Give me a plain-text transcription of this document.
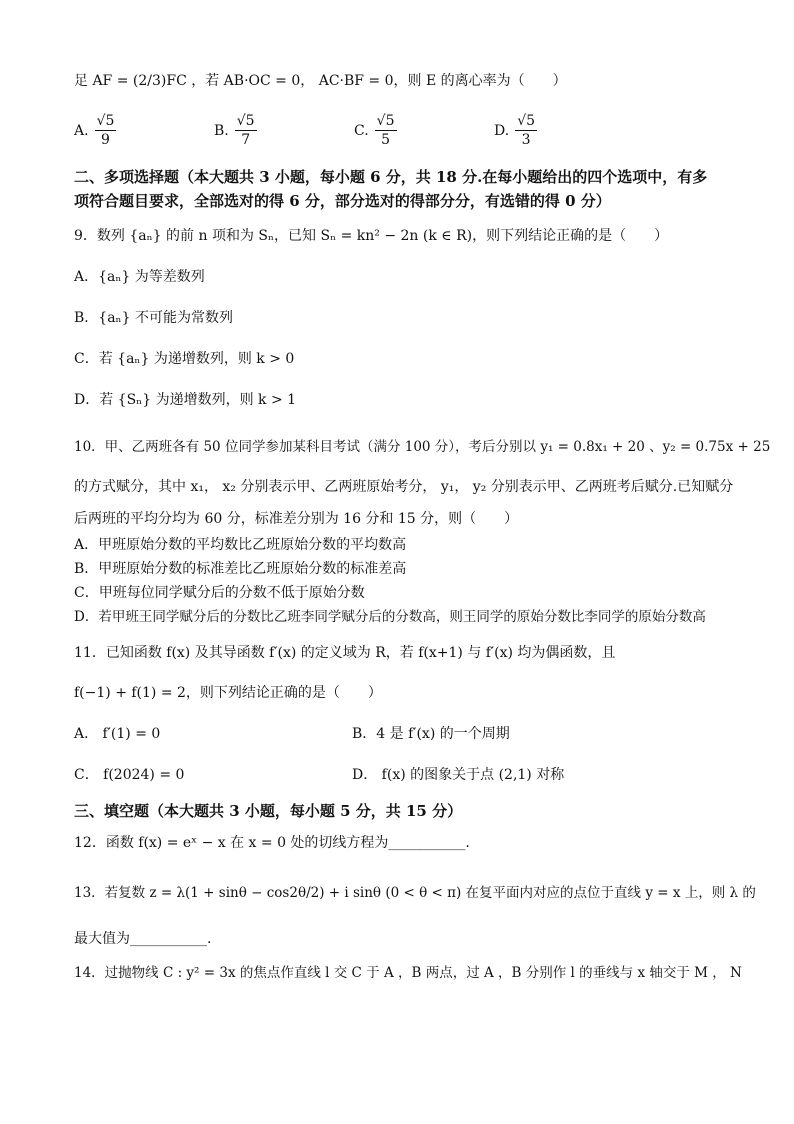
足 AF = (2/3)FC ，若 AB·OC = 0， AC·BF = 0，则 E 的离心率为（　　）
A. $\frac{√5}{9}$	B. $\frac{√5}{7}$	C. $\frac{√5}{5}$	D. $\frac{√5}{3}$
二、多项选择题（本大题共 3 小题，每小题 6 分，共 18 分.在每小题给出的四个选项中，有多
项符合题目要求，全部选对的得 6 分，部分选对的得部分分，有选错的得 0 分）
9．数列 {aₙ} 的前 n 项和为 Sₙ，已知 Sₙ = kn² − 2n (k ∈ R)，则下列结论正确的是（　　）
A．{aₙ} 为等差数列
B．{aₙ} 不可能为常数列
C．若 {aₙ} 为递增数列，则 k > 0
D．若 {Sₙ} 为递增数列，则 k > 1
10．甲、乙两班各有 50 位同学参加某科目考试（满分 100 分），考后分别以 y₁ = 0.8x₁ + 20 、y₂ = 0.75x + 25
的方式赋分，其中 x₁， x₂ 分别表示甲、乙两班原始考分， y₁， y₂ 分别表示甲、乙两班考后赋分.已知赋分
后两班的平均分均为 60 分，标准差分别为 16 分和 15 分，则（　　）
A．甲班原始分数的平均数比乙班原始分数的平均数高
B．甲班原始分数的标准差比乙班原始分数的标准差高
C．甲班每位同学赋分后的分数不低于原始分数
D．若甲班王同学赋分后的分数比乙班李同学赋分后的分数高，则王同学的原始分数比李同学的原始分数高
11．已知函数 f(x) 及其导函数 f′(x) 的定义域为 R，若 f(x+1) 与 f′(x) 均为偶函数，且
f(−1) + f(1) = 2，则下列结论正确的是（　　）
A． f′(1) = 0	B．4 是 f′(x) 的一个周期
C． f(2024) = 0	D． f(x) 的图象关于点 (2,1) 对称
三、填空题（本大题共 3 小题，每小题 5 分，共 15 分）
12．函数 f(x) = eˣ − x 在 x = 0 处的切线方程为___________.
13．若复数 z = λ(1 + sinθ − cos2θ/2) + i sinθ (0 < θ < π) 在复平面内对应的点位于直线 y = x 上，则 λ 的
最大值为___________.
14．过抛物线 C : y² = 3x 的焦点作直线 l 交 C 于 A ，B 两点，过 A ，B 分别作 l 的垂线与 x 轴交于 M ， N
